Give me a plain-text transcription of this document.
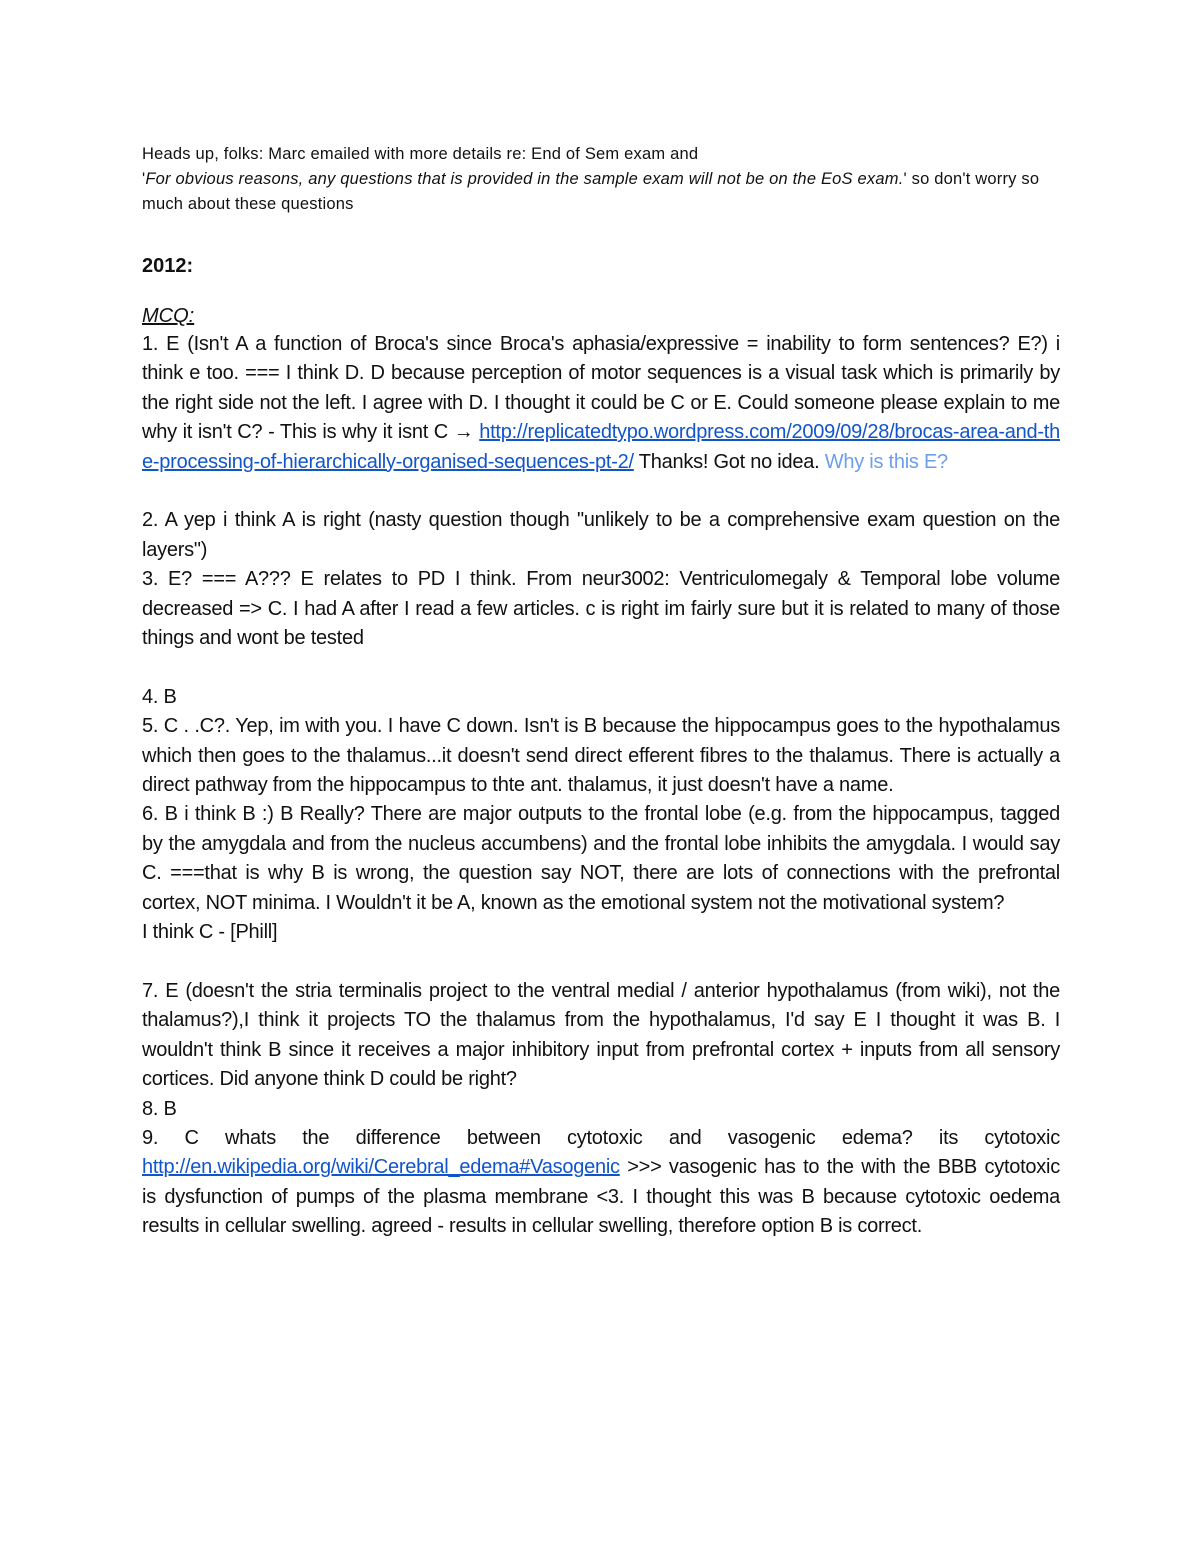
Heads up, folks: Marc emailed with more details re: End of Sem exam and
'For obvious reasons, any questions that is provided in the sample exam will not be on the EoS exam.' so don't worry so much about these questions
2012:
MCQ:

1. E (Isn't A a function of Broca's since Broca's aphasia/expressive = inability to form sentences? E?) i think e too. === I think D. D because perception of motor sequences is a visual task which is primarily by the right side not the left. I agree with D. I thought it could be C or E. Could someone please explain to me why it isn't C? - This is why it isnt C → http://replicatedtypo.wordpress.com/2009/09/28/brocas-area-and-the-processing-of-hierarchically-organised-sequences-pt-2/ Thanks! Got no idea. Why is this E?

2. A yep i think A is right (nasty question though "unlikely to be a comprehensive exam question on the layers")

3. E? === A??? E relates to PD I think. From neur3002: Ventriculomegaly & Temporal lobe volume decreased => C. I had A after I read a few articles. c is right im fairly sure but it is related to many of those things and wont be tested

4. B

5. C . .C?. Yep, im with you. I have C down. Isn't is B because the hippocampus goes to the hypothalamus which then goes to the thalamus...it doesn't send direct efferent fibres to the thalamus. There is actually a direct pathway from the hippocampus to thte ant. thalamus, it just doesn't have a name.

6. B i think B :) B Really? There are major outputs to the frontal lobe (e.g. from the hippocampus, tagged by the amygdala and from the nucleus accumbens) and the frontal lobe inhibits the amygdala. I would say C. ===that is why B is wrong, the question say NOT, there are lots of connections with the prefrontal cortex, NOT minima. I Wouldn't it be A, known as the emotional system not the motivational system?

I think C - [Phill]

7. E (doesn't the stria terminalis project to the ventral medial / anterior hypothalamus (from wiki), not the thalamus?),I think it projects TO the thalamus from the hypothalamus, I'd say E I thought it was B. I wouldn't think B since it receives a major inhibitory input from prefrontal cortex + inputs from all sensory cortices. Did anyone think D could be right?

8. B

9. C whats the difference between cytotoxic and vasogenic edema? its cytotoxic http://en.wikipedia.org/wiki/Cerebral_edema#Vasogenic >>> vasogenic has to the with the BBB cytotoxic is dysfunction of pumps of the plasma membrane <3. I thought this was B because cytotoxic oedema results in cellular swelling. agreed - results in cellular swelling, therefore option B is correct.
